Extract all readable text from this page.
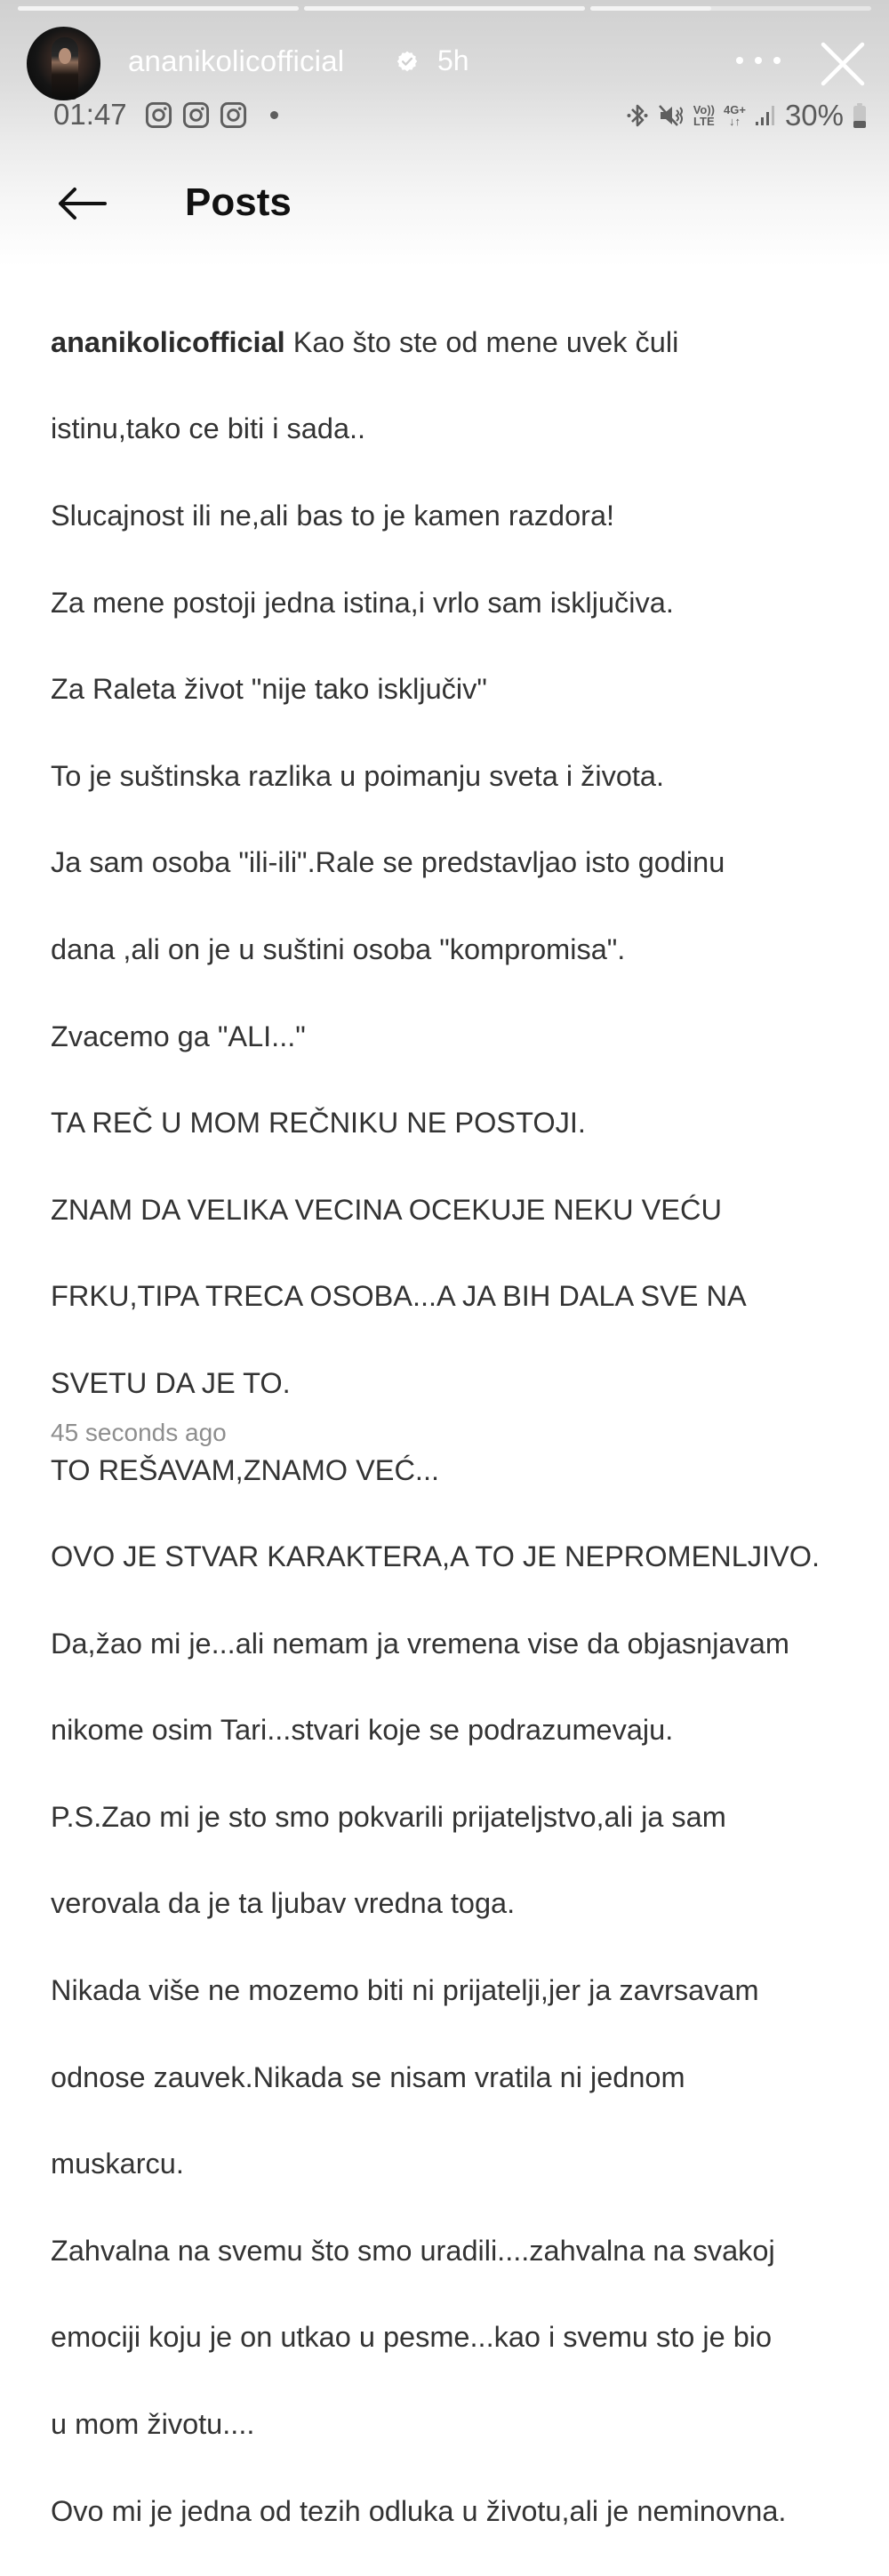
ananikolicofficial	5h
01:47	Vo))
LTE
4G+
↓↑ 30%
Posts

ananikolicofficial Kao što ste od mene uvek čuli

istinu,tako ce biti i sada..

Slucajnost ili ne,ali bas to je kamen razdora!

Za mene postoji jedna istina,i vrlo sam isključiva.

Za Raleta život "nije tako isključiv"

To je suštinska razlika u poimanju sveta i života.

Ja sam osoba "ili-ili".Rale se predstavljao isto godinu

dana ,ali on je u suštini osoba "kompromisa".

Zvacemo ga "ALI..."

TA REČ U MOM REČNIKU NE POSTOJI.

ZNAM DA VELIKA VECINA OCEKUJE NEKU VEĆU

FRKU,TIPA TRECA OSOBA...A JA BIH DALA SVE NA

SVETU DA JE TO.

TO REŠAVAM,ZNAMO VEĆ...

OVO JE STVAR KARAKTERA,A TO JE NEPROMENLJIVO.

Da,žao mi je...ali nemam ja vremena vise da objasnjavam

nikome osim Tari...stvari koje se podrazumevaju.

P.S.Zao mi je sto smo pokvarili prijateljstvo,ali ja sam

verovala da je ta ljubav vredna toga.

Nikada više ne mozemo biti ni prijatelji,jer ja zavrsavam

odnose zauvek.Nikada se nisam vratila ni jednom

muskarcu.

Zahvalna na svemu što smo uradili....zahvalna na svakoj

emociji koju je on utkao u pesme...kao i svemu sto je bio

u mom životu....

Ovo mi je jedna od tezih odluka u životu,ali je neminovna.

45 seconds ago
